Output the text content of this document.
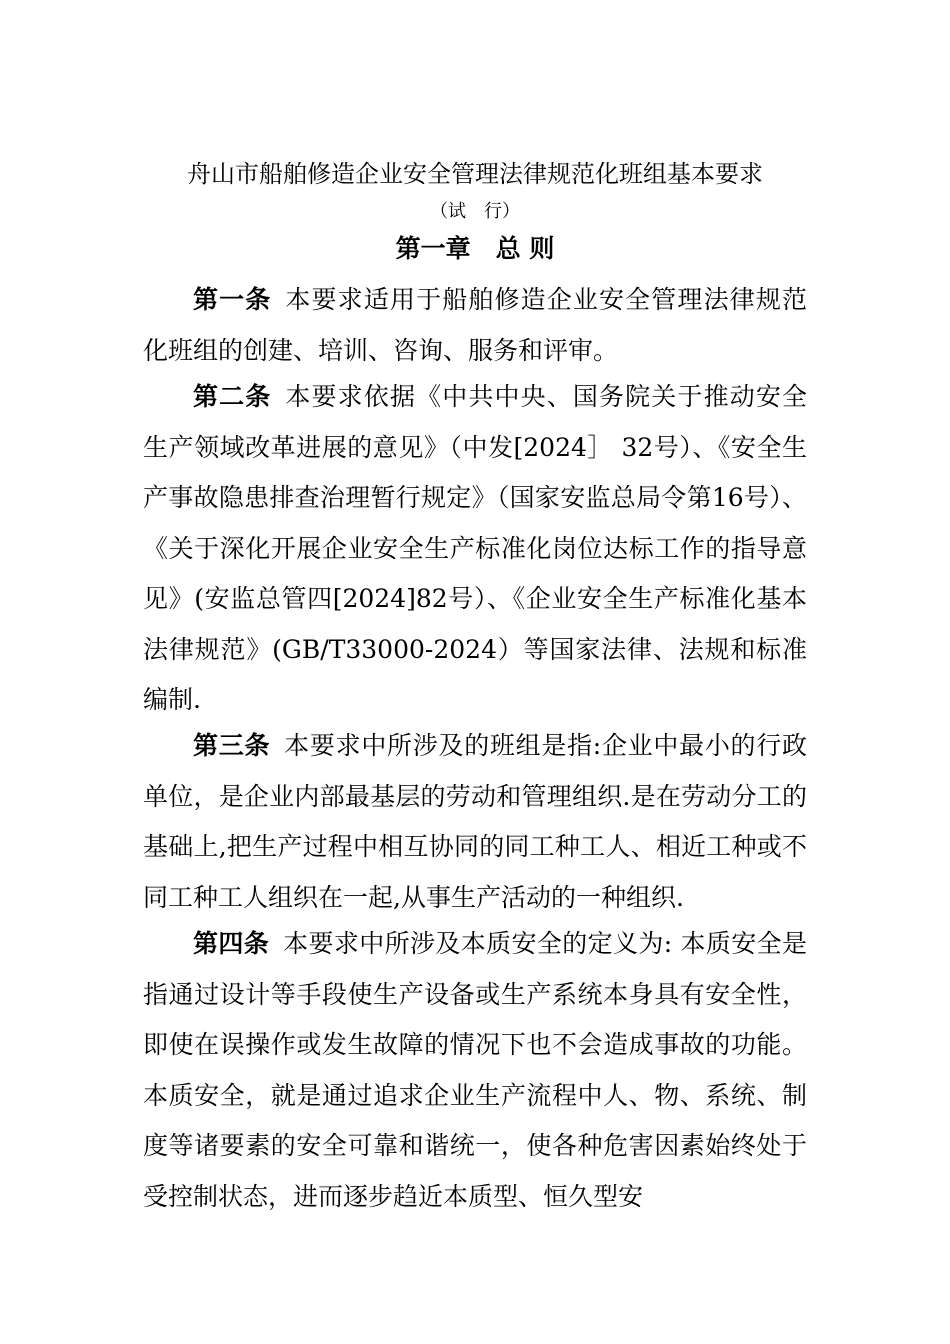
舟山市船舶修造企业安全管理法律规范化班组基本要求
（试　行）
第一章　总 则

第一条 本要求适用于船舶修造企业安全管理法律规范化班组的创建、培训、咨询、服务和评审。

第二条 本要求依据《中共中央、国务院关于推动安全生产领域改革进展的意见》（中发[2024］ 32号）、《安全生产事故隐患排查治理暂行规定》（国家安监总局令第16号）、《关于深化开展企业安全生产标准化岗位达标工作的指导意见》(安监总管四[2024]82号）、《企业安全生产标准化基本法律规范》(GB/T33000-2024）等国家法律、法规和标准编制.

第三条 本要求中所涉及的班组是指:企业中最小的行政单位，是企业内部最基层的劳动和管理组织.是在劳动分工的基础上,把生产过程中相互协同的同工种工人、相近工种或不同工种工人组织在一起,从事生产活动的一种组织.

第四条 本要求中所涉及本质安全的定义为: 本质安全是指通过设计等手段使生产设备或生产系统本身具有安全性，即使在误操作或发生故障的情况下也不会造成事故的功能。本质安全，就是通过追求企业生产流程中人、物、系统、制度等诸要素的安全可靠和谐统一，使各种危害因素始终处于受控制状态，进而逐步趋近本质型、恒久型安
